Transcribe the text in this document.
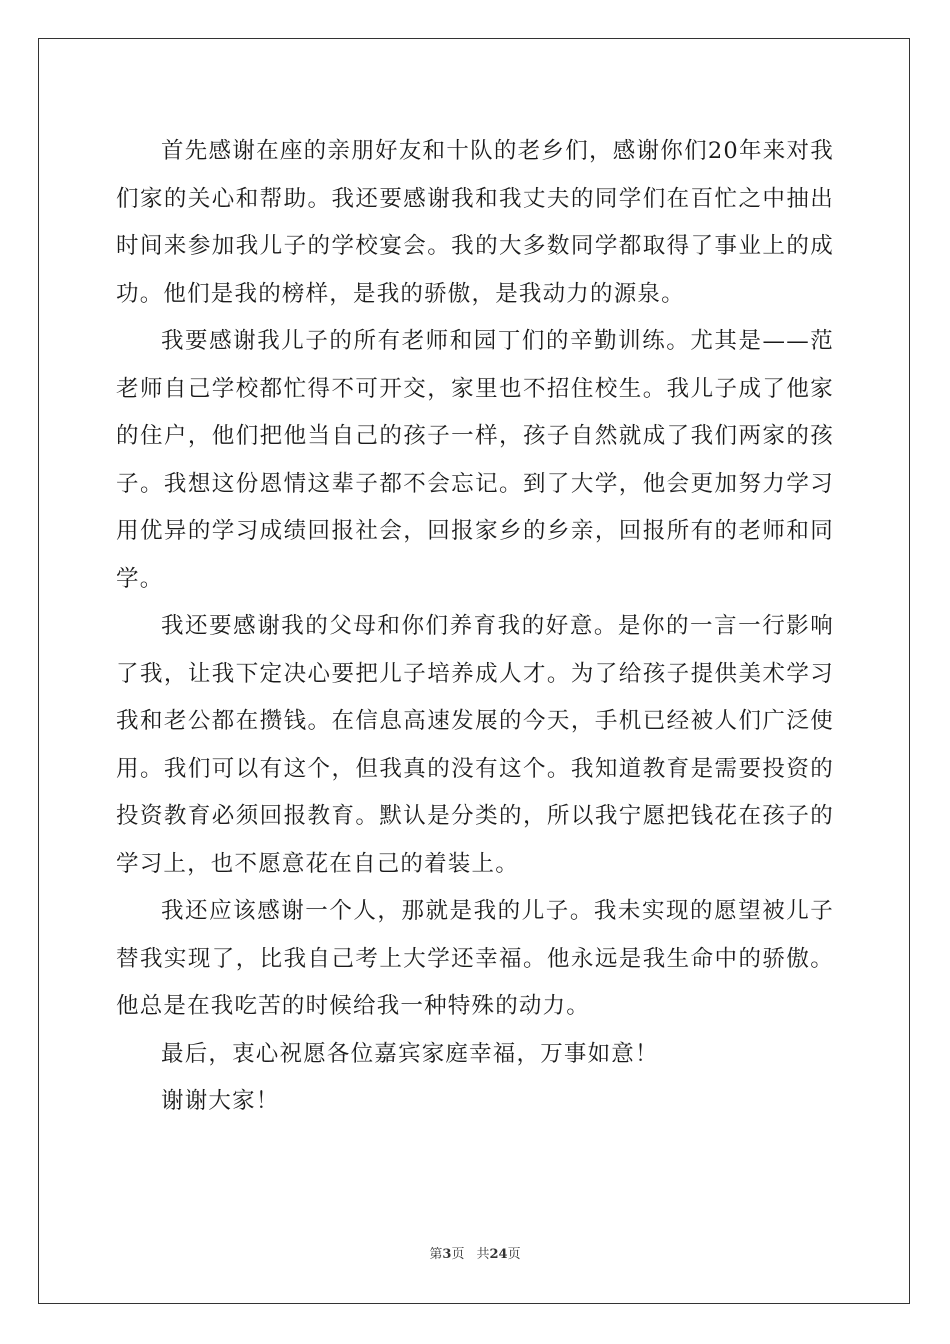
首先感谢在座的亲朋好友和十队的老乡们，感谢你们20年来对我们家的关心和帮助。我还要感谢我和我丈夫的同学们在百忙之中抽出时间来参加我儿子的学校宴会。我的大多数同学都取得了事业上的成功。他们是我的榜样，是我的骄傲，是我动力的源泉。

我要感谢我儿子的所有老师和园丁们的辛勤训练。尤其是——范老师自己学校都忙得不可开交，家里也不招住校生。我儿子成了他家的住户，他们把他当自己的孩子一样，孩子自然就成了我们两家的孩子。我想这份恩情这辈子都不会忘记。到了大学，他会更加努力学习用优异的学习成绩回报社会，回报家乡的乡亲，回报所有的老师和同学。

我还要感谢我的父母和你们养育我的好意。是你的一言一行影响了我，让我下定决心要把儿子培养成人才。为了给孩子提供美术学习我和老公都在攒钱。在信息高速发展的今天，手机已经被人们广泛使用。我们可以有这个，但我真的没有这个。我知道教育是需要投资的投资教育必须回报教育。默认是分类的，所以我宁愿把钱花在孩子的学习上，也不愿意花在自己的着装上。

我还应该感谢一个人，那就是我的儿子。我未实现的愿望被儿子替我实现了，比我自己考上大学还幸福。他永远是我生命中的骄傲。他总是在我吃苦的时候给我一种特殊的动力。

最后，衷心祝愿各位嘉宾家庭幸福，万事如意！

谢谢大家！

第3页 共24页
